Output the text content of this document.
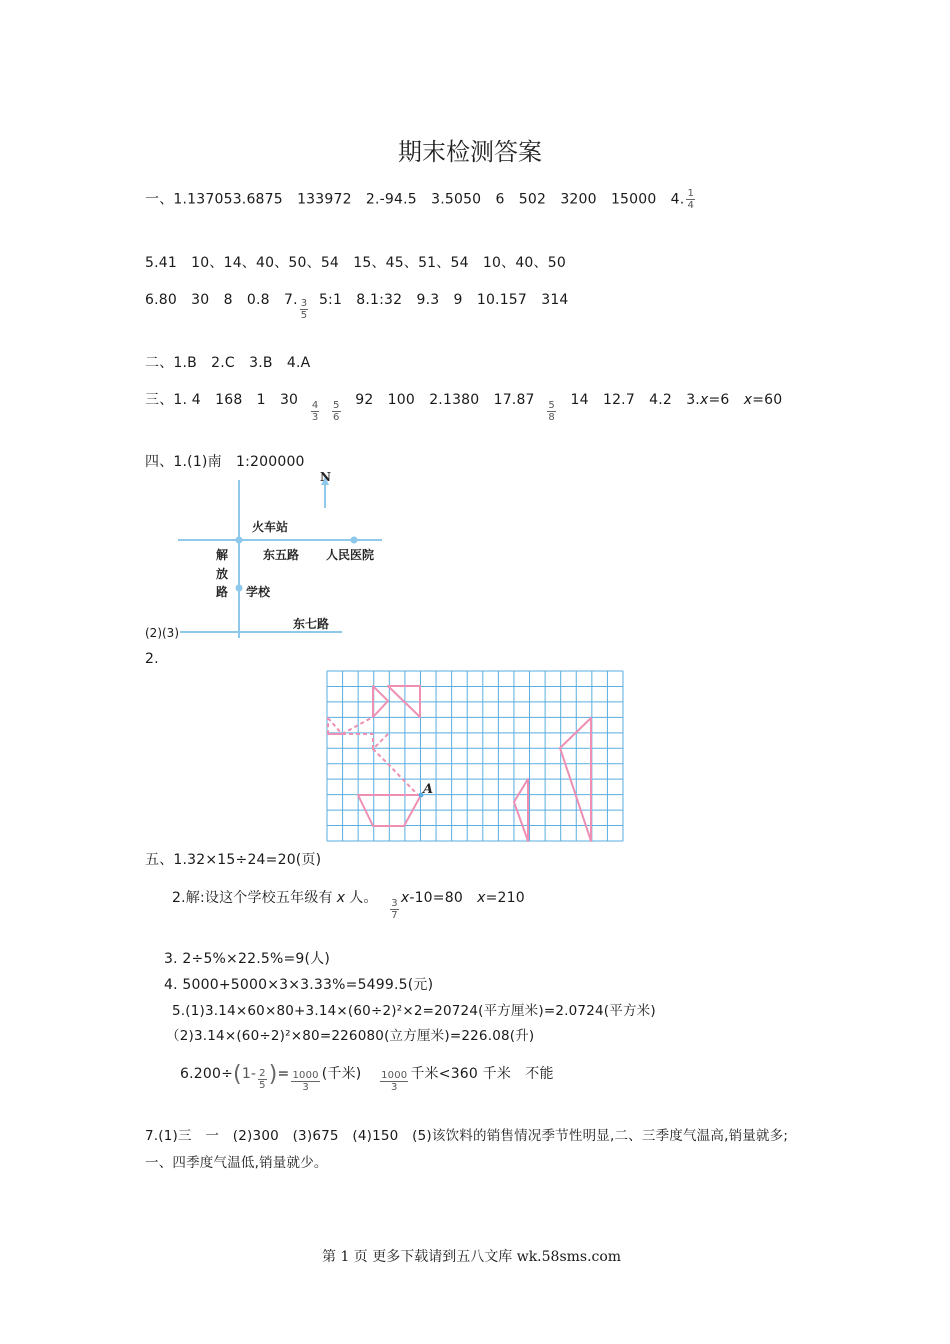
期末检测答案
一、1.137053.6875　133972　2.-94.5　3.5050　6　502　3200　15000　4. $\frac{1}{4}$
5.41　10、14、40、50、54　15、45、51、54　10、40、50
6.80　30　8　0.8　7. $\frac{3}{5}$ 5:1　8.1:32　9.3　9　10.157　314
二、1.B　2.C　3.B　4.A
三、1. 4　168　1　$30 \frac{4}{3}$
$\frac{5}{6} 92$　100　2.1380　$17.87 \frac{5}{8} 14$　12.7　4.2　3.x=6　x=60
四、1.(1)南　1:200000
N
火车站
东五路 人民医院
解
放
路 学校
东七路
(2)(3)
2.
A
五、1.32×15÷24=20(页)
2.解:设这个学校五年级有 x 人。 $\frac{3}{7} x-10=80$　x=210
3. 2÷5%×22.5%=9(人)
4. 5000+5000×3×3.33%=5499.5(元)
5.(1)3.14×60×80+3.14×(60÷2)²×2=20724(平方厘米)=2.0724(平方米)
（2)3.14×(60÷2)²×80=226080(立方厘米)=226.08(升)
$6.200\div(1- \frac{2}{5}$ )= $\frac{1000}{3}$ (千米) $\frac{1000}{3}$ 千米<360 千米　不能
7.(1)三　一　(2)300　(3)675　(4)150　(5)该饮料的销售情况季节性明显,二、三季度气温高,销量就多;
一、四季度气温低,销量就少。
第 1 页 更多下载请到五八文库 wk.58sms.com
